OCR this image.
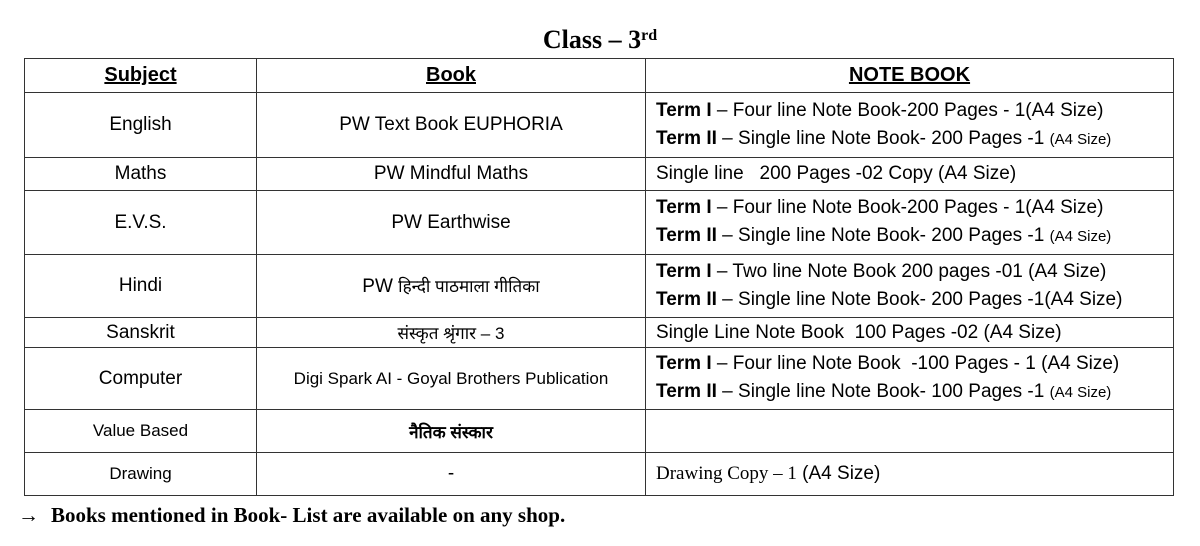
Class – 3rd
Subject	Book	NOTE BOOK
English	PW Text Book EUPHORIA	Term I – Four line Note Book-200 Pages - 1(A4 Size)
Term II – Single line Note Book- 200 Pages -1 (A4 Size)

Maths	PW Mindful Maths	Single line   200 Pages -02 Copy (A4 Size)
E.V.S.	PW Earthwise	Term I – Four line Note Book-200 Pages - 1(A4 Size)
Term II – Single line Note Book- 200 Pages -1 (A4 Size)

Hindi	PW हिन्दी पाठमाला गीतिका	Term I – Two line Note Book 200 pages -01 (A4 Size)
Term II – Single line Note Book- 200 Pages -1(A4 Size)

Sanskrit	संस्कृत श्रृंगार – 3	Single Line Note Book  100 Pages -02 (A4 Size)
Computer	Digi Spark AI - Goyal Brothers Publication	Term I – Four line Note Book  -100 Pages - 1 (A4 Size)
Term II – Single line Note Book- 100 Pages -1 (A4 Size)

Value Based	नैतिक संस्कार	
Drawing	-	Drawing Copy – 1 (A4 Size)
→ Books mentioned in Book- List are available on any shop.
